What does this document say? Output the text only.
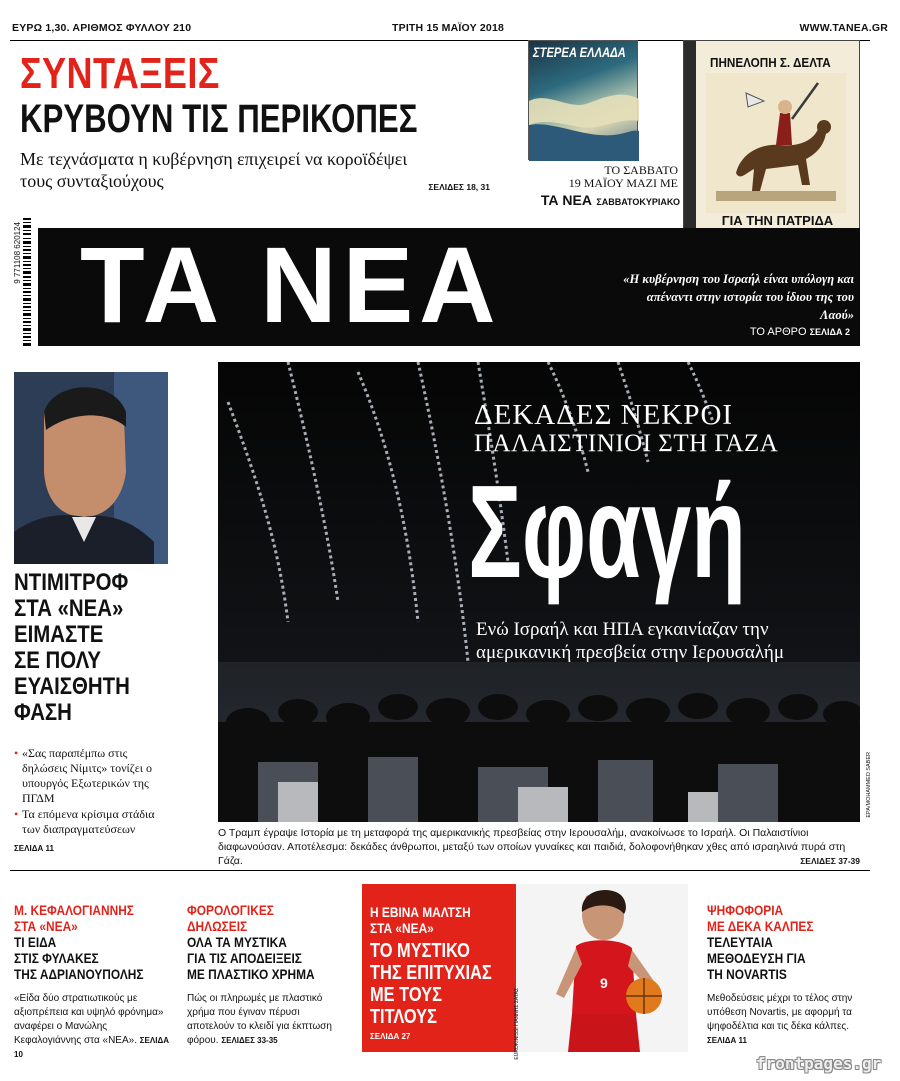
ΕΥΡΩ 1,30. ΑΡΙΘΜΟΣ ΦΥΛΛΟΥ 210	ΤΡΙΤΗ 15 ΜΑΪΟΥ 2018	WWW.TANEA.GR
ΣΥΝΤΑΞΕΙΣ
ΚΡΥΒΟΥΝ ΤΙΣ ΠΕΡΙΚΟΠΕΣ
Με τεχνάσματα η κυβέρνηση επιχειρεί να κοροϊδέψει τους συνταξιούχους	ΣΕΛΙΔΕΣ 18, 31
ΣΤΕΡΕΑ ΕΛΛΑΔΑ
ΤΟ ΣΑΒΒΑΤΟ
19 ΜΑΪΟΥ ΜΑΖΙ ΜΕ
ΤΑ ΝΕΑ ΣΑΒΒΑΤΟΚΥΡΙΑΚΟ
ΠΗΝΕΛΟΠΗ Σ. ΔΕΛΤΑ
ΓΙΑ ΤΗΝ ΠΑΤΡΙΔΑ
9 771108 620124 ΤΑ ΝΕΑ	«Η κυβέρνηση του Ισραήλ είναι υπόλογη και απέναντι στην ιστορία του ίδιου της του Λαού»
ΤΟ ΑΡΘΡΟ ΣΕΛΙΔΑ 2
ΝΤΙΜΙΤΡΟΦ
ΣΤΑ «ΝΕΑ»
ΕΙΜΑΣΤΕ
ΣΕ ΠΟΛΥ
ΕΥΑΙΣΘΗΤΗ
ΦΑΣΗ
• «Σας παραπέμπω στις δηλώσεις Νίμιτς» τονίζει ο υπουργός Εξωτερικών της ΠΓΔΜ
• Τα επόμενα κρίσιμα στάδια των διαπραγματεύσεων
ΣΕΛΙΔΑ 11
ΔΕΚΑΔΕΣ ΝΕΚΡΟΙ
ΠΑΛΑΙΣΤΙΝΙΟΙ ΣΤΗ ΓΑΖΑ
Σφαγή
Ενώ Ισραήλ και ΗΠΑ εγκαινίαζαν την αμερικανική πρεσβεία στην Ιερουσαλήμ
EPA/MOHAMMED SABER
Ο Τραμπ έγραψε Ιστορία με τη μεταφορά της αμερικανικής πρεσβείας στην Ιερουσαλήμ, ανακοίνωσε το Ισραήλ. Οι Παλαιστίνιοι διαφωνούσαν. Αποτέλεσμα: δεκάδες άνθρωποι, μεταξύ των οποίων γυναίκες και παιδιά, δολοφονήθηκαν χθες από ισραηλινά πυρά στη Γάζα.	ΣΕΛΙΔΕΣ 37-39
Μ. ΚΕΦΑΛΟΓΙΑΝΝΗΣ
ΣΤΑ «ΝΕΑ»
ΤΙ ΕΙΔΑ
ΣΤΙΣ ΦΥΛΑΚΕΣ
ΤΗΣ ΑΔΡΙΑΝΟΥΠΟΛΗΣ
«Είδα δύο στρατιωτικούς με αξιοπρέπεια και υψηλό φρόνημα» αναφέρει ο Μανώλης Κεφαλογιάννης στα «ΝΕΑ». ΣΕΛΙΔΑ 10
ΦΟΡΟΛΟΓΙΚΕΣ
ΔΗΛΩΣΕΙΣ
ΟΛΑ ΤΑ ΜΥΣΤΙΚΑ
ΓΙΑ ΤΙΣ ΑΠΟΔΕΙΞΕΙΣ
ΜΕ ΠΛΑΣΤΙΚΟ ΧΡΗΜΑ
Πώς οι πληρωμές με πλαστικό χρήμα που έγιναν πέρυσι αποτελούν το κλειδί για έκπτωση φόρου. ΣΕΛΙΔΕΣ 33-35
Η ΕΒΙΝΑ ΜΑΛΤΣΗ
ΣΤΑ «ΝΕΑ»
ΤΟ ΜΥΣΤΙΚΟ
ΤΗΣ ΕΠΙΤΥΧΙΑΣ
ΜΕ ΤΟΥΣ
ΤΙΤΛΟΥΣ
ΣΕΛΙΔΑ 27
9
EUROKINISSI ΓΙΑΝΝΗΣ ΣΑΤΑΣ
ΨΗΦΟΦΟΡΙΑ
ΜΕ ΔΕΚΑ ΚΑΛΠΕΣ
ΤΕΛΕΥΤΑΙΑ
ΜΕΘΟΔΕΥΣΗ ΓΙΑ
ΤΗ NOVARTIS
Μεθοδεύσεις μέχρι το τέλος στην υπόθεση Novartis, με αφορμή τα ψηφοδέλτια και τις δέκα κάλπες. ΣΕΛΙΔΑ 11
frontpages.gr
